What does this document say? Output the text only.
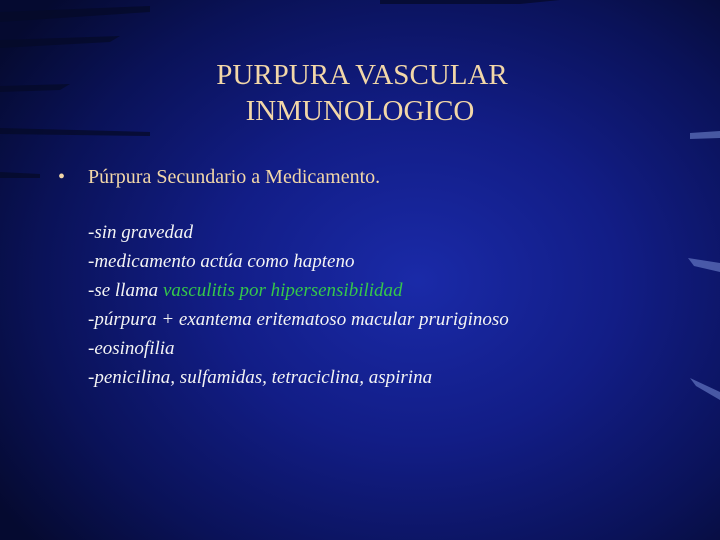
PURPURA VASCULAR
INMUNOLOGICO

• Púrpura Secundario a Medicamento.

-sin gravedad
-medicamento actúa como hapteno
-se llama vasculitis por hipersensibilidad
-púrpura + exantema eritematoso macular pruriginoso
-eosinofilia
-penicilina, sulfamidas, tetraciclina, aspirina
